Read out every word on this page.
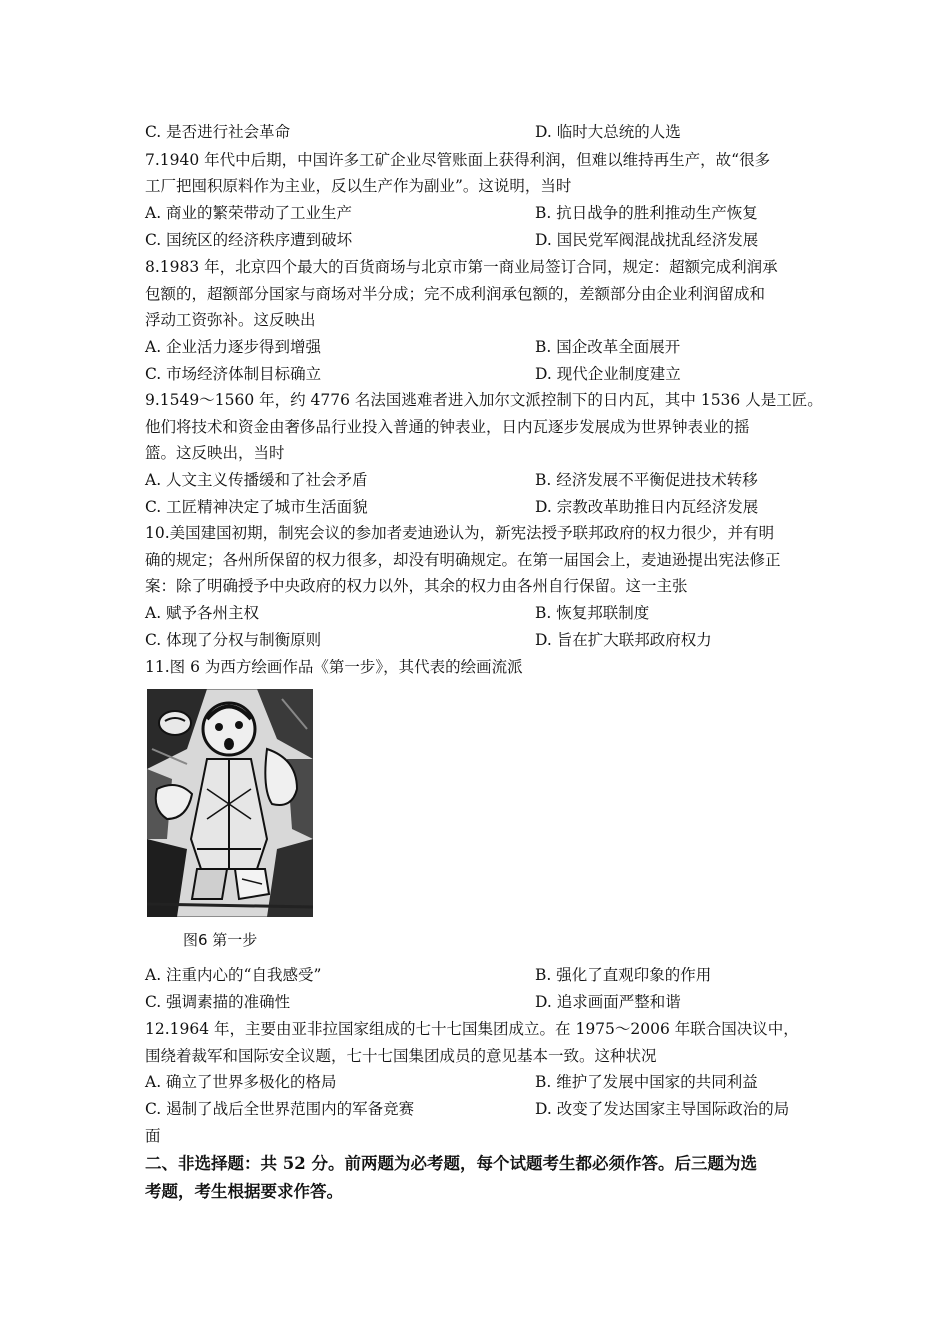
C. 是否进行社会革命	D. 临时大总统的人选
7.1940 年代中后期，中国许多工矿企业尽管账面上获得利润，但难以维持再生产，故“很多
工厂把囤积原料作为主业，反以生产作为副业”。这说明，当时
A. 商业的繁荣带动了工业生产	B. 抗日战争的胜利推动生产恢复
C. 国统区的经济秩序遭到破坏	D. 国民党军阀混战扰乱经济发展
8.1983 年，北京四个最大的百货商场与北京市第一商业局签订合同，规定：超额完成利润承
包额的，超额部分国家与商场对半分成；完不成利润承包额的，差额部分由企业利润留成和
浮动工资弥补。这反映出
A. 企业活力逐步得到增强	B. 国企改革全面展开
C. 市场经济体制目标确立	D. 现代企业制度建立
9.1549～1560 年，约 4776 名法国逃难者进入加尔文派控制下的日内瓦，其中 1536 人是工匠。
他们将技术和资金由奢侈品行业投入普通的钟表业，日内瓦逐步发展成为世界钟表业的摇
篮。这反映出，当时
A. 人文主义传播缓和了社会矛盾	B. 经济发展不平衡促进技术转移
C. 工匠精神决定了城市生活面貌	D. 宗教改革助推日内瓦经济发展
10.美国建国初期，制宪会议的参加者麦迪逊认为，新宪法授予联邦政府的权力很少，并有明
确的规定；各州所保留的权力很多，却没有明确规定。在第一届国会上，麦迪逊提出宪法修正
案：除了明确授予中央政府的权力以外，其余的权力由各州自行保留。这一主张
A. 赋予各州主权	B. 恢复邦联制度
C. 体现了分权与制衡原则	D. 旨在扩大联邦政府权力
11.图 6 为西方绘画作品《第一步》，其代表的绘画流派
图6 第一步
A. 注重内心的“自我感受”	B. 强化了直观印象的作用
C. 强调素描的准确性	D. 追求画面严整和谐
12.1964 年，主要由亚非拉国家组成的七十七国集团成立。在 1975～2006 年联合国决议中，
围绕着裁军和国际安全议题，七十七国集团成员的意见基本一致。这种状况
A. 确立了世界多极化的格局	B. 维护了发展中国家的共同利益
C. 遏制了战后全世界范围内的军备竞赛	D. 改变了发达国家主导国际政治的局
面
二、非选择题：共 52 分。前两题为必考题，每个试题考生都必须作答。后三题为选
考题，考生根据要求作答。
